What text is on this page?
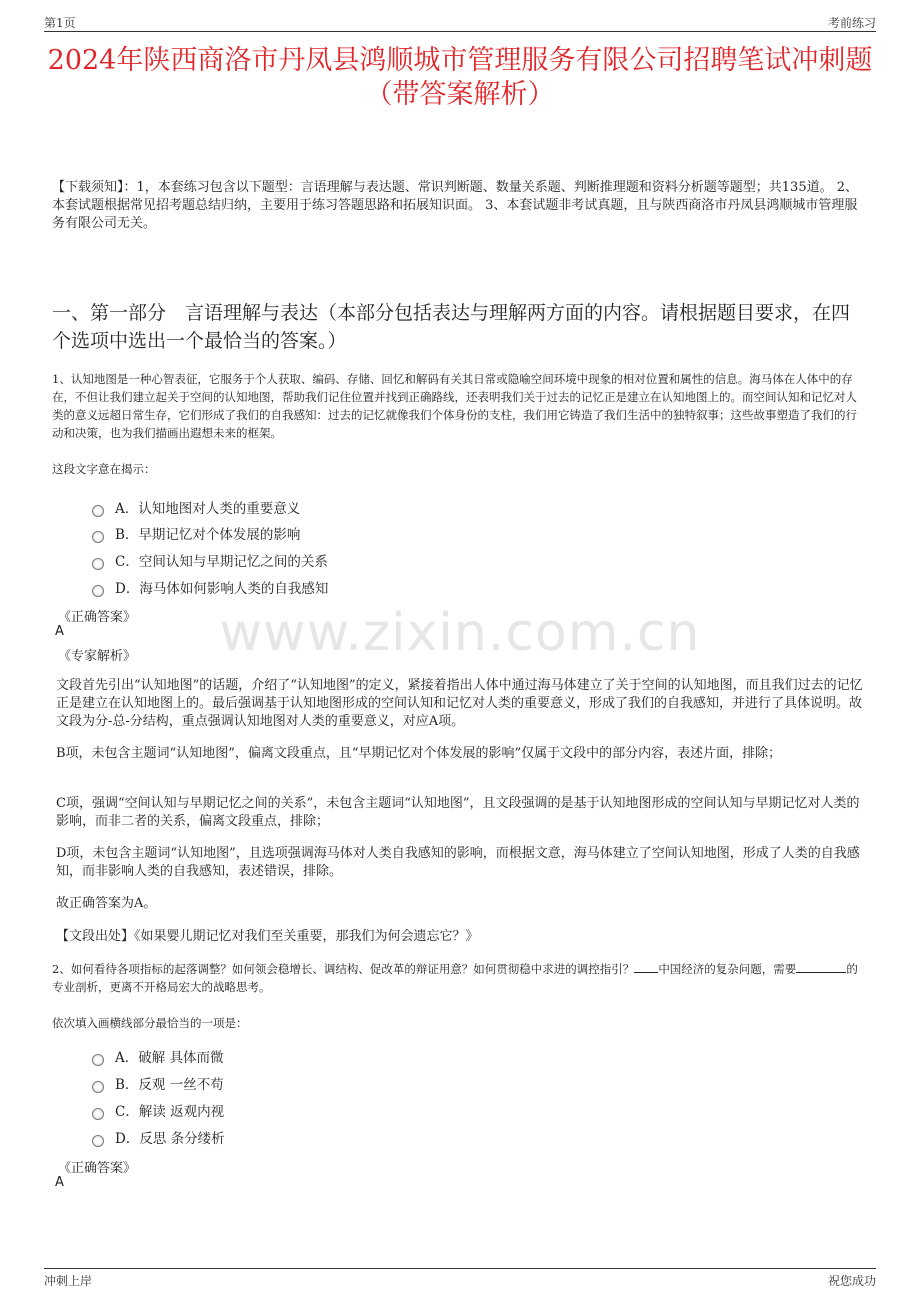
第1页	考前练习
2024年陕西商洛市丹凤县鸿顺城市管理服务有限公司招聘笔试冲刺题（带答案解析）
【下载须知】：1，本套练习包含以下题型：言语理解与表达题、常识判断题、数量关系题、判断推理题和资料分析题等题型；共135道。 2、本套试题根据常见招考题总结归纳，主要用于练习答题思路和拓展知识面。 3、本套试题非考试真题，且与陕西商洛市丹凤县鸿顺城市管理服务有限公司无关。
一、第一部分　言语理解与表达（本部分包括表达与理解两方面的内容。请根据题目要求，在四个选项中选出一个最恰当的答案。）
1、认知地图是一种心智表征，它服务于个人获取、编码、存储、回忆和解码有关其日常或隐喻空间环境中现象的相对位置和属性的信息。海马体在人体中的存在，不但让我们建立起关于空间的认知地图，帮助我们记住位置并找到正确路线，还表明我们关于过去的记忆正是建立在认知地图上的。而空间认知和记忆对人类的意义远超日常生存，它们形成了我们的自我感知：过去的记忆就像我们个体身份的支柱，我们用它铸造了我们生活中的独特叙事；这些故事塑造了我们的行动和决策，也为我们描画出遐想未来的框架。
这段文字意在揭示：
A．认知地图对人类的重要意义
B．早期记忆对个体发展的影响
C．空间认知与早期记忆之间的关系
D．海马体如何影响人类的自我感知
《正确答案》
A
《专家解析》	www.zixin.com.cn
文段首先引出“认知地图”的话题，介绍了“认知地图”的定义，紧接着指出人体中通过海马体建立了关于空间的认知地图，而且我们过去的记忆正是建立在认知地图上的。最后强调基于认知地图形成的空间认知和记忆对人类的重要意义，形成了我们的自我感知，并进行了具体说明。故文段为分-总-分结构，重点强调认知地图对人类的重要意义，对应A项。
B项，未包含主题词“认知地图”，偏离文段重点，且“早期记忆对个体发展的影响”仅属于文段中的部分内容，表述片面，排除；
C项，强调“空间认知与早期记忆之间的关系”，未包含主题词“认知地图”，且文段强调的是基于认知地图形成的空间认知与早期记忆对人类的影响，而非二者的关系，偏离文段重点，排除；
D项，未包含主题词“认知地图”，且选项强调海马体对人类自我感知的影响，而根据文意，海马体建立了空间认知地图，形成了人类的自我感知，而非影响人类的自我感知，表述错误，排除。
故正确答案为A。
【文段出处】《如果婴儿期记忆对我们至关重要，那我们为何会遗忘它？》
2、如何看待各项指标的起落调整？如何领会稳增长、调结构、促改革的辩证用意？如何贯彻稳中求进的调控指引？ 中国经济的复杂问题，需要	的专业剖析，更离不开格局宏大的战略思考。
依次填入画横线部分最恰当的一项是：
A．破解 具体而微
B．反观 一丝不苟
C．解读 返观内视
D．反思 条分缕析
《正确答案》
A
冲刺上岸	祝您成功
